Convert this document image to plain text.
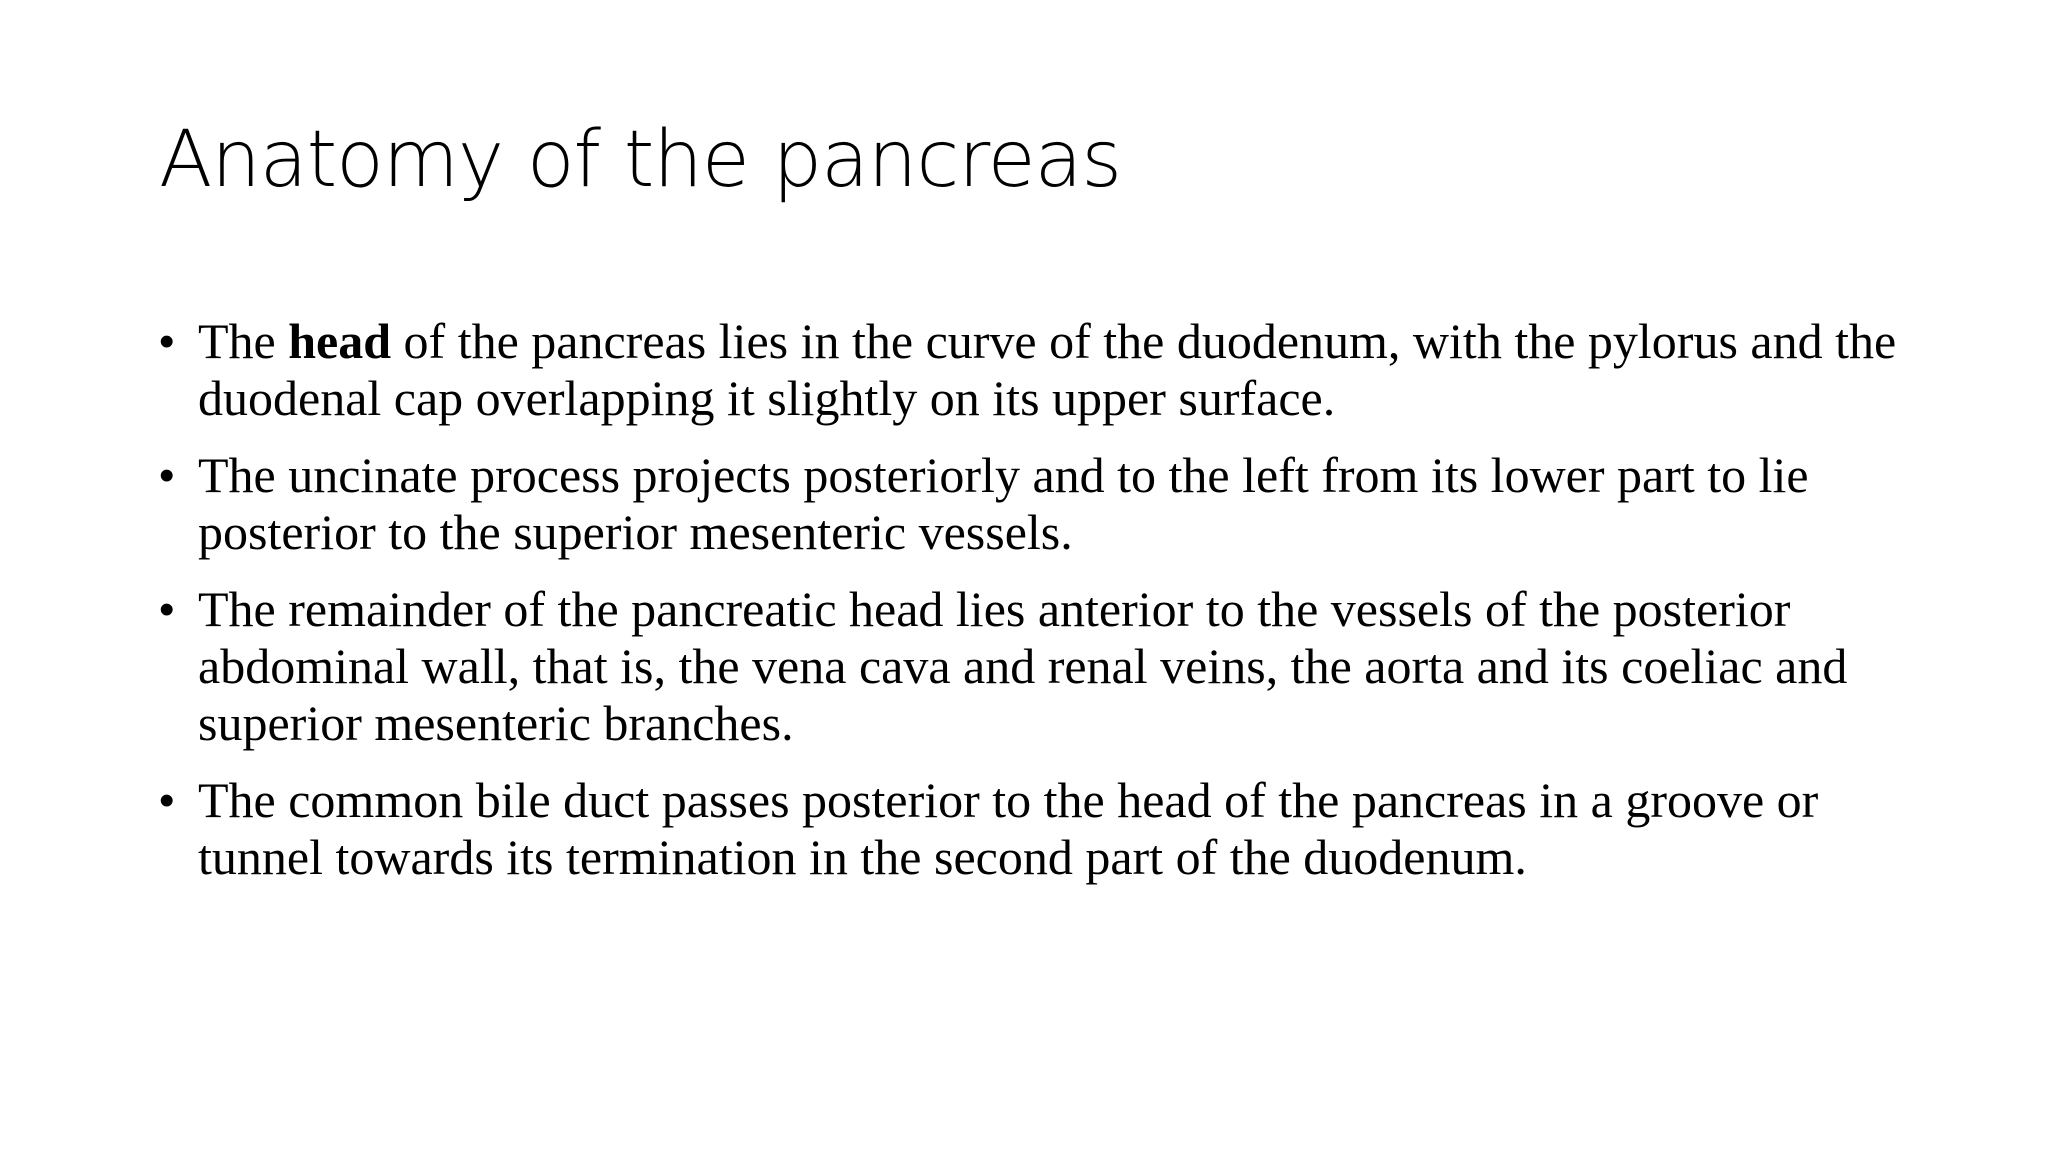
Anatomy of the pancreas
• The head of the pancreas lies in the curve of the duodenum, with the pylorus and the duodenal cap overlapping it slightly on its upper surface.
• The uncinate process projects posteriorly and to the left from its lower part to lie posterior to the superior mesenteric vessels.
• The remainder of the pancreatic head lies anterior to the vessels of the posterior abdominal wall, that is, the vena cava and renal veins, the aorta and its coeliac and superior mesenteric branches.
• The common bile duct passes posterior to the head of the pancreas in a groove or tunnel towards its termination in the second part of the duodenum.
